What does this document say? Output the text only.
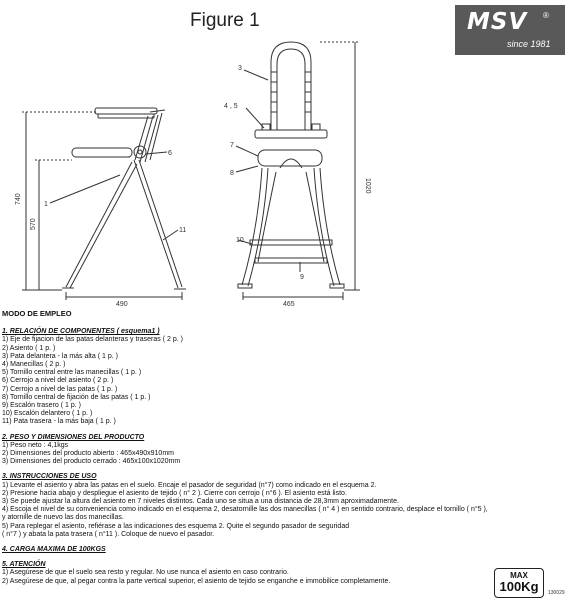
Figure 1	MSV ®
since 1981
740
570
490
6
1
11
1020
465
3
4 , 5
7
8
10
9
MODO DE EMPLEO
1. RELACIÓN DE COMPONENTES ( esquema1 )
1) Eje de fijacion de las patas delanteras y traseras ( 2 p. )
2) Asiento ( 1 p. )
3) Pata delantera - la más alta ( 1 p. )
4) Manecillas ( 2 p. )
5) Tornillo central entre las manecillas ( 1 p. )
6) Cerrojo a nivel del asiento ( 2 p. )
7) Cerrojo a nivel de las patas ( 1 p. )
8) Tornillo central de fijación de las patas ( 1 p. )
9) Escalón trasero ( 1 p. )
10) Escalón delantero ( 1 p. )
11) Pata trasera - la más baja ( 1 p. )
2. PESO Y DIMENSIONES DEL PRODUCTO
1) Peso neto : 4,1kgs
2) Dimensiones del producto abierto : 465x490x910mm
3) Dimensiones del producto cerrado : 465x100x1020mm
3. INSTRUCCIONES DE USO
1) Levante el asiento y abra las patas en el suelo. Encaje el pasador de seguridad (n°7) como indicado en el esquema 2.
2) Presione hacia abajo y despliegue el asiento de tejido ( n° 2 ). Cierre con cerrojo ( n°6 ). El asiento está listo.
3) Se puede ajustar la altura del asiento en 7 niveles distintos. Cada uno se situa a una distancia de 28,3mm aproximadamente.
4) Escoja el nivel de su conveniencia como indicado en el esquema 2, desatornille las dos manecillas ( n° 4 ) en sentido contrario, desplace el tornillo ( n°5 ),
y atornille de nuevo las dos manecillas.
5) Para replegar el asiento, refiérase a las indicaciones des esquema 2. Quite el segundo pasador de seguridad
( n°7 ) y abata la pata trasera ( n°11 ). Coloque de nuevo el pasador.
4. CARGA MAXIMA DE 100KGS
5. ATENCIÓN
1) Asegúrese de que el suelo sea resto y regular. No use nunca el asiento en caso contrario.
2) Asegúrese de que, al pegar contra la parte vertical superior, el asiento de tejido se enganche e immobilice completamente.
MAX
100Kg	130029
